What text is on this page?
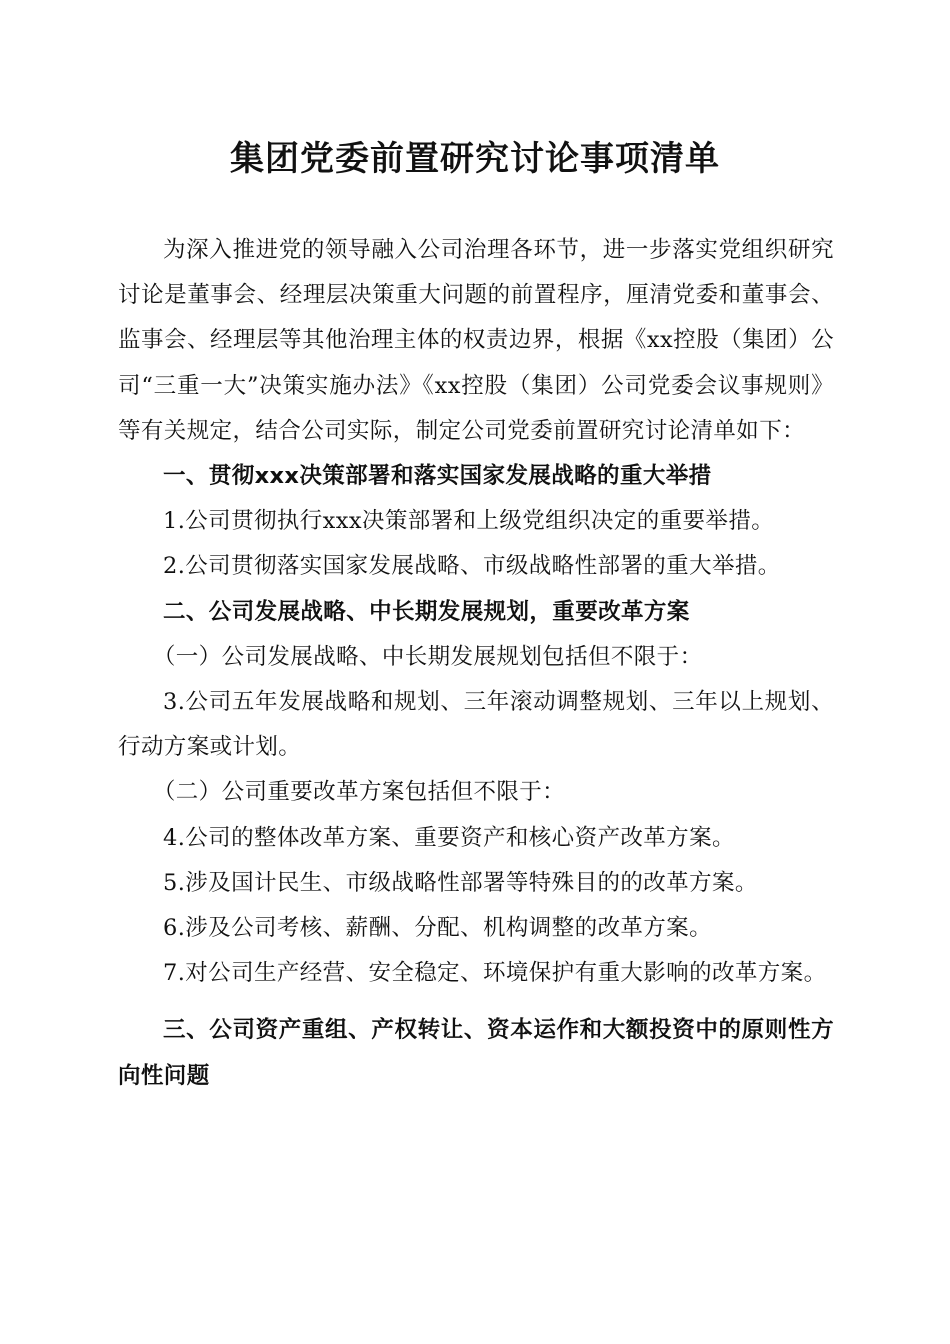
集团党委前置研究讨论事项清单

为深入推进党的领导融入公司治理各环节，进一步落实党组织研究讨论是董事会、经理层决策重大问题的前置程序，厘清党委和董事会、监事会、经理层等其他治理主体的权责边界，根据《xx控股（集团）公司“三重一大”决策实施办法》《xx控股（集团）公司党委会议事规则》等有关规定，结合公司实际，制定公司党委前置研究讨论清单如下：

一、贯彻xxx决策部署和落实国家发展战略的重大举措

1.公司贯彻执行xxx决策部署和上级党组织决定的重要举措。

2.公司贯彻落实国家发展战略、市级战略性部署的重大举措。

二、公司发展战略、中长期发展规划，重要改革方案

（一）公司发展战略、中长期发展规划包括但不限于：

3.公司五年发展战略和规划、三年滚动调整规划、三年以上规划、行动方案或计划。

（二）公司重要改革方案包括但不限于：

4.公司的整体改革方案、重要资产和核心资产改革方案。

5.涉及国计民生、市级战略性部署等特殊目的的改革方案。

6.涉及公司考核、薪酬、分配、机构调整的改革方案。

7.对公司生产经营、安全稳定、环境保护有重大影响的改革方案。

三、公司资产重组、产权转让、资本运作和大额投资中的原则性方向性问题
